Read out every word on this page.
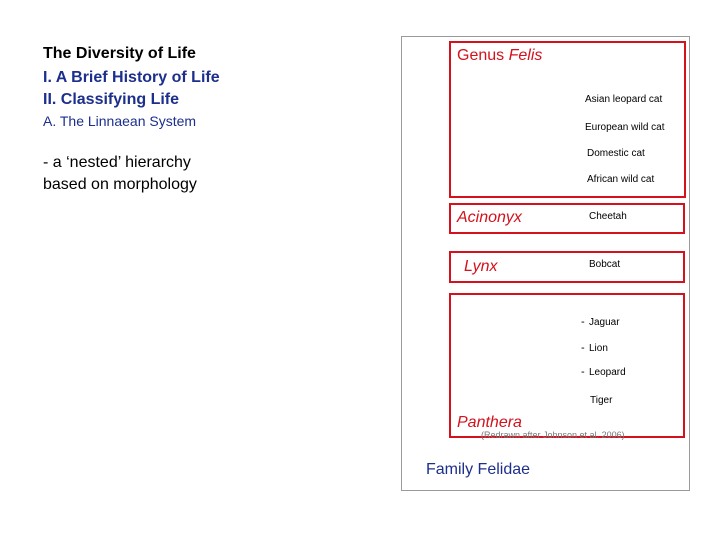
The Diversity of Life
I. A Brief History of Life
II. Classifying Life
A. The Linnaean System
- a ‘nested’ hierarchy
based on morphology
Genus Felis
Asian leopard cat
European wild cat
Domestic cat
African wild cat
Acinonyx	Cheetah
Lynx	Bobcat
- Jaguar
- Lion
- Leopard
Tiger
Panthera
(Redrawn after Johnson et al. 2006)
Family Felidae
